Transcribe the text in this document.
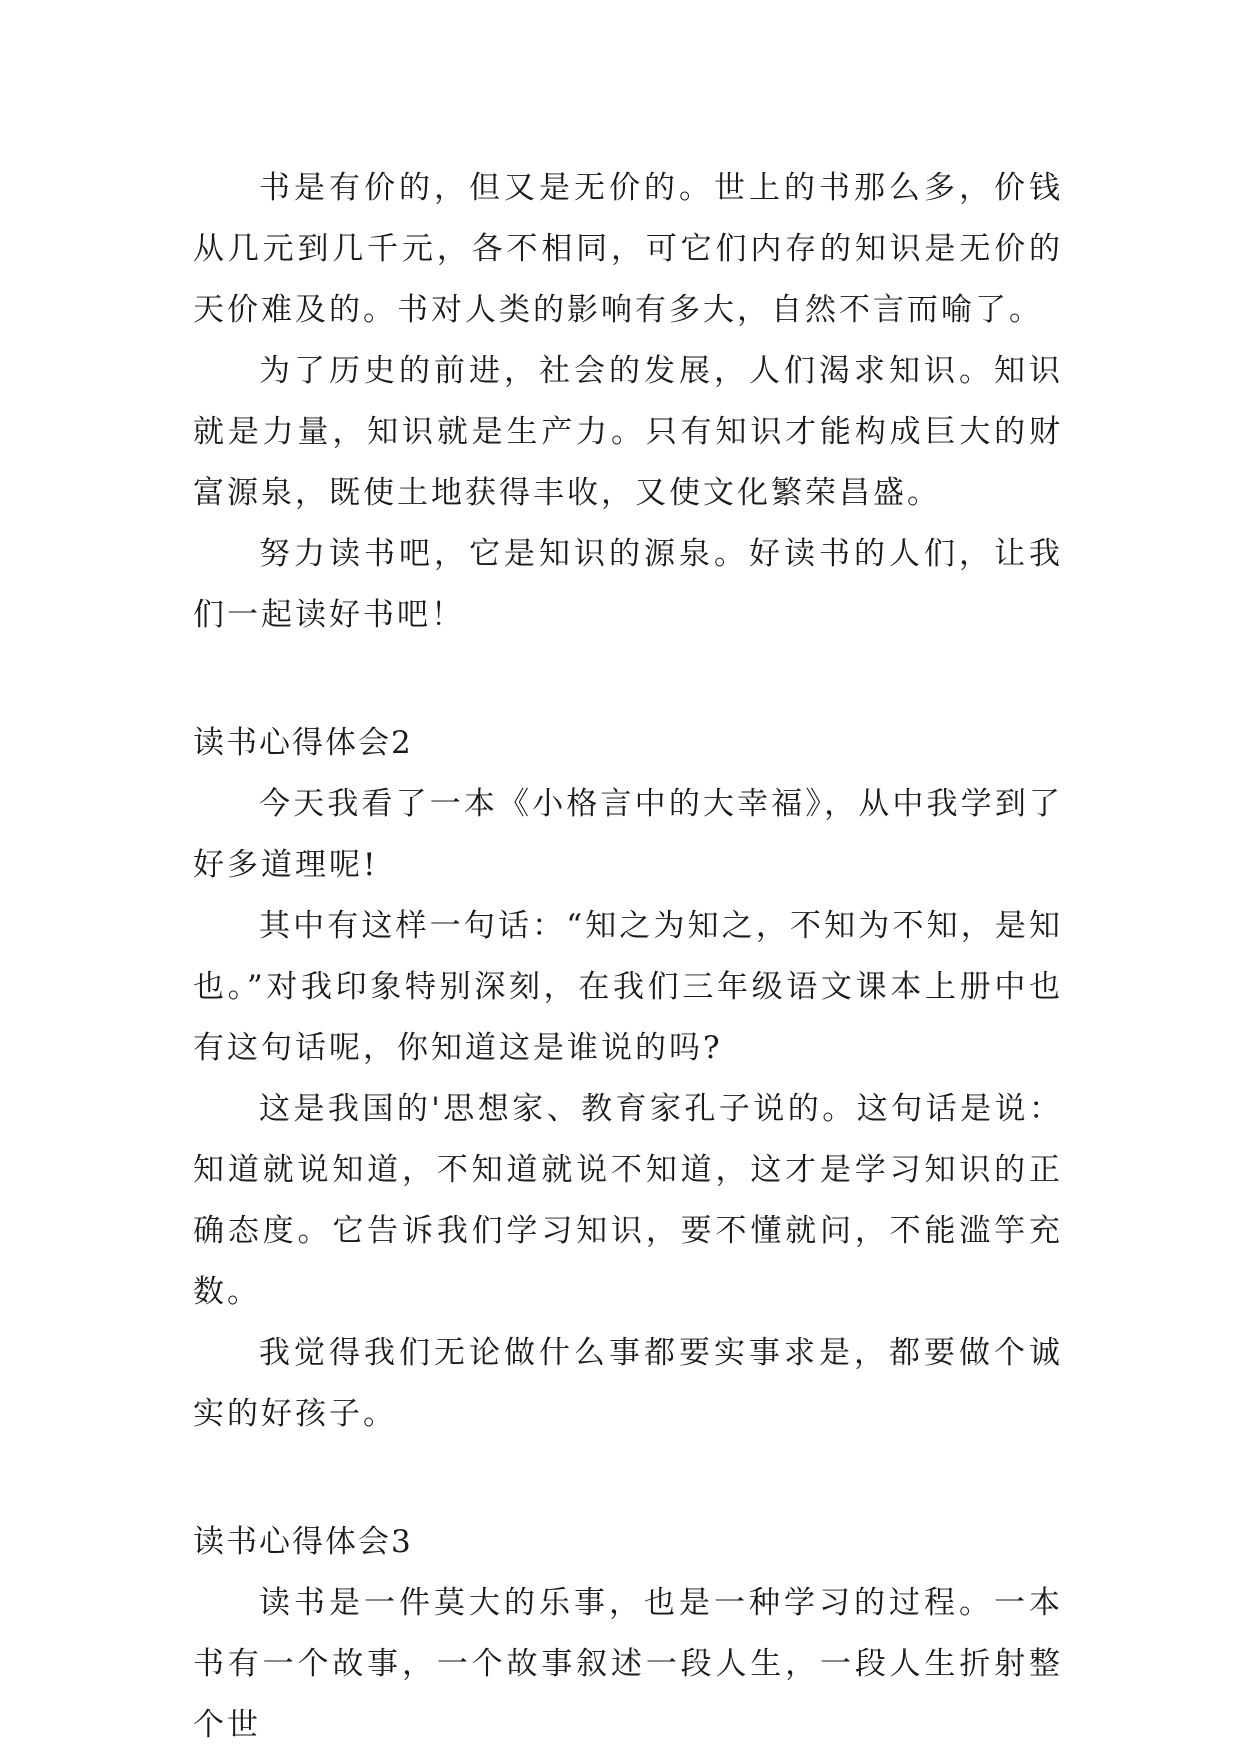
书是有价的，但又是无价的。世上的书那么多，价钱从几元到几千元，各不相同，可它们内存的知识是无价的天价难及的。书对人类的影响有多大，自然不言而喻了。

为了历史的前进，社会的发展，人们渴求知识。知识就是力量，知识就是生产力。只有知识才能构成巨大的财富源泉，既使土地获得丰收，又使文化繁荣昌盛。

努力读书吧，它是知识的源泉。好读书的人们，让我们一起读好书吧！

读书心得体会2

今天我看了一本《小格言中的大幸福》，从中我学到了好多道理呢!

其中有这样一句话：“知之为知之，不知为不知，是知也。”对我印象特别深刻，在我们三年级语文课本上册中也有这句话呢，你知道这是谁说的吗?

这是我国的'思想家、教育家孔子说的。这句话是说：知道就说知道，不知道就说不知道，这才是学习知识的正确态度。它告诉我们学习知识，要不懂就问，不能滥竽充数。

我觉得我们无论做什么事都要实事求是，都要做个诚实的好孩子。

读书心得体会3

读书是一件莫大的乐事，也是一种学习的过程。一本书有一个故事，一个故事叙述一段人生，一段人生折射整个世
